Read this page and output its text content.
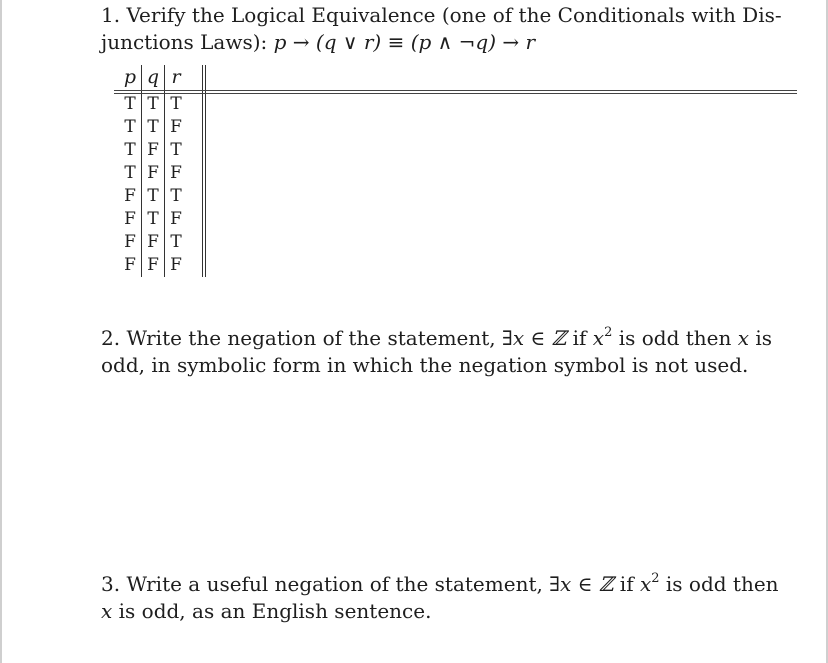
1. Verify the Logical Equivalence (one of the Conditionals with Dis-
junctions Laws): p → (q ∨ r) ≡ (p ∧ ¬q) → r
p q r
T T T
T T F
T F T
T F F
F T T
F T F
F F T
F F F
2. Write the negation of the statement, ∃x ∈ ℤ if $x^2$ is odd then x is
odd, in symbolic form in which the negation symbol is not used.
3. Write a useful negation of the statement, ∃x ∈ ℤ if $x^2$ is odd then
x is odd, as an English sentence.
